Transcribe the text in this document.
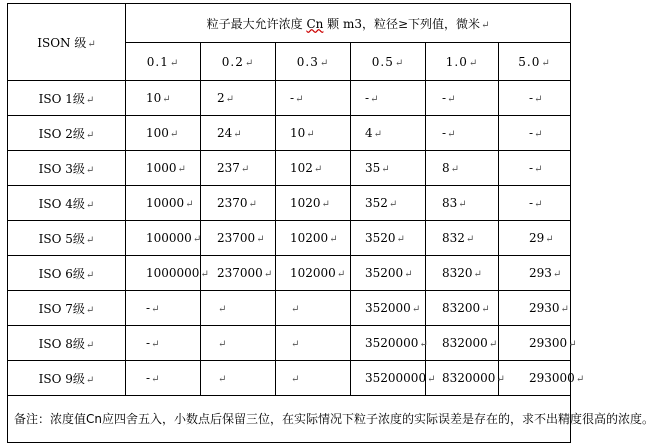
ISON 级↵	粒子最大允许浓度 Cn 颗 m3，粒径≥下列值，微米↵					
	0.1↵	0.2↵	0.3↵	0.5↵	1.0↵	5.0↵
ISO 1级↵	10↵	2↵	-↵	-↵	-↵	-↵
ISO 2级↵	100↵	24↵	10↵	4↵	-↵	-↵
ISO 3级↵	1000↵	237↵	102↵	35↵	8↵	-↵
ISO 4级↵	10000↵	2370↵	1020↵	352↵	83↵	-↵
ISO 5级↵	100000↵	23700↵	10200↵	3520↵	832↵	29↵
ISO 6级↵	1000000↵	237000↵	102000↵	35200↵	8320↵	293↵
ISO 7级↵	-↵	↵	↵	352000↵	83200↵	2930↵
ISO 8级↵	-↵	↵	↵	3520000↵	832000↵	29300↵
ISO 9级↵	-↵	↵	↵	35200000↵	8320000↵	293000↵
备注：浓度值Cn应四舍五入，小数点后保留三位，在实际情况下粒子浓度的实际误差是存在的，求不出精度很高的浓度。						
